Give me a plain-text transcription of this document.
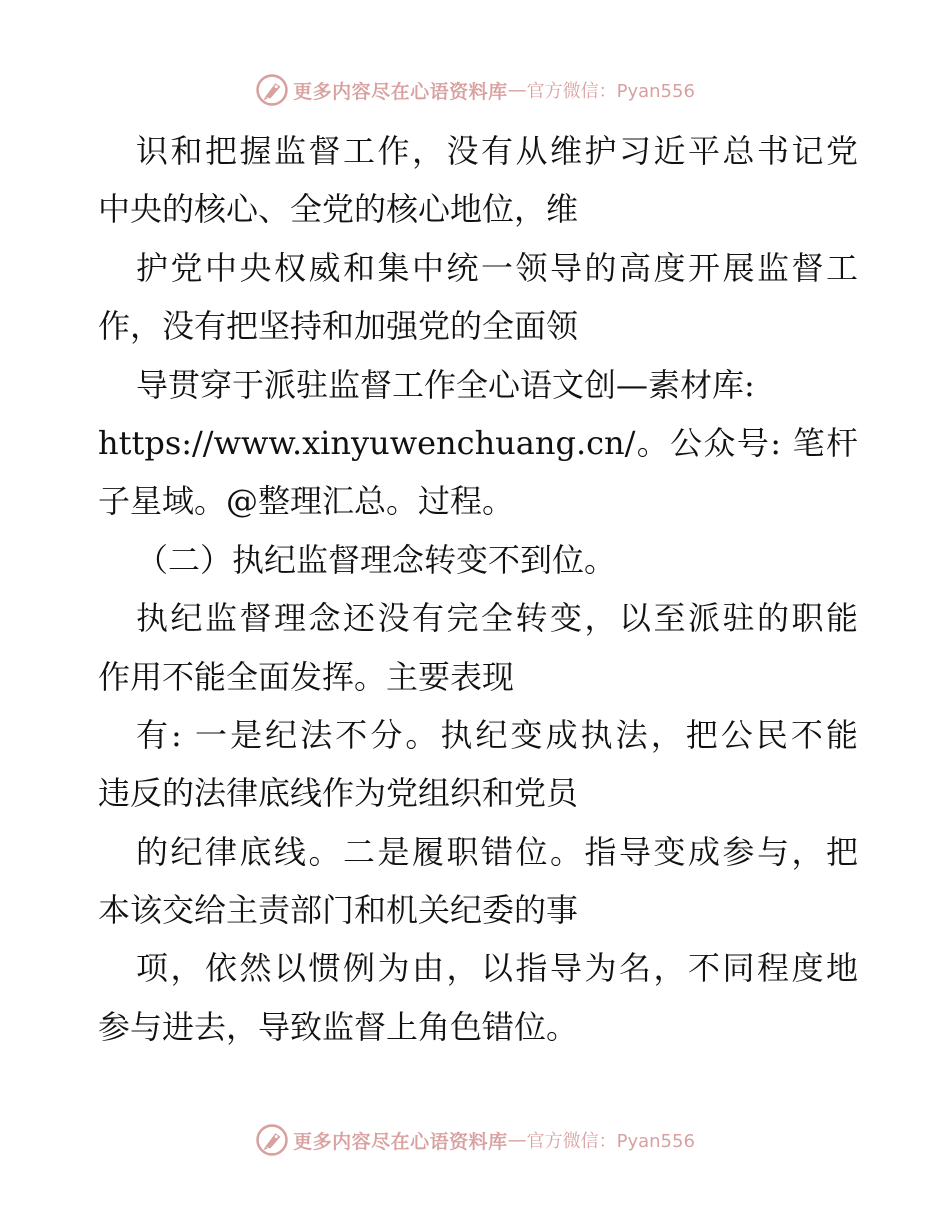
更多内容尽在心语资料库 — 官方微信：Pyan556
识和把握监督工作，没有从维护习近平总书记党
中央的核心、全党的核心地位，维
护党中央权威和集中统一领导的高度开展监督工
作，没有把坚持和加强党的全面领
导贯穿于派驻监督工作全心语文创—素材库:
https://www.xinyuwenchuang.cn/。公众号: 笔杆
子星域。@整理汇总。过程。
（二）执纪监督理念转变不到位。
执纪监督理念还没有完全转变，以至派驻的职能
作用不能全面发挥。主要表现
有: 一是纪法不分。执纪变成执法，把公民不能
违反的法律底线作为党组织和党员
的纪律底线。二是履职错位。指导变成参与，把
本该交给主责部门和机关纪委的事
项，依然以惯例为由，以指导为名，不同程度地
参与进去，导致监督上角色错位。
更多内容尽在心语资料库 — 官方微信：Pyan556
